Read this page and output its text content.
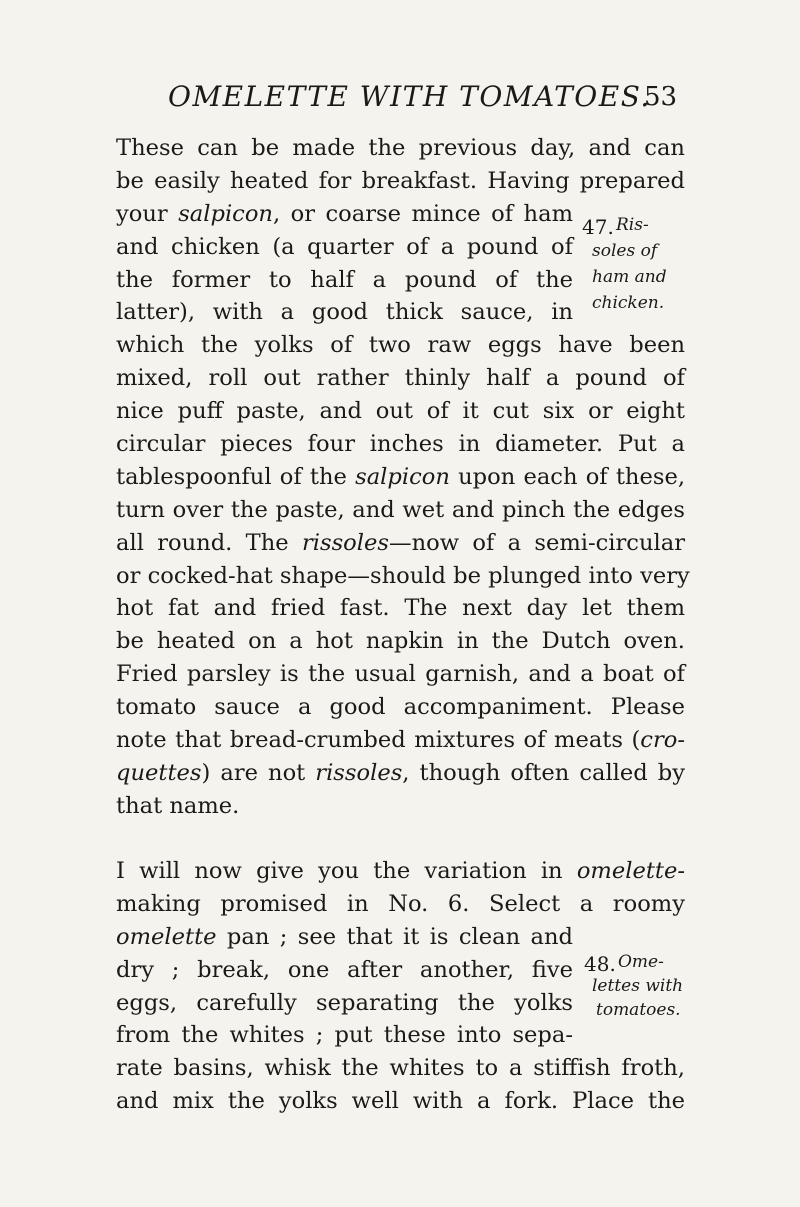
OMELETTE WITH TOMATOES.
53
These can be made the previous day, and can
be easily heated for breakfast. Having prepared
your salpicon, or coarse mince of ham
and chicken (a quarter of a pound of
the former to half a pound of the
latter), with a good thick sauce, in
which the yolks of two raw eggs have been
mixed, roll out rather thinly half a pound of
nice puff paste, and out of it cut six or eight
circular pieces four inches in diameter. Put a
tablespoonful of the salpicon upon each of these,
turn over the paste, and wet and pinch the edges
all round. The rissoles—now of a semi-circular
or cocked-hat shape—should be plunged into very
hot fat and fried fast. The next day let them
be heated on a hot napkin in the Dutch oven.
Fried parsley is the usual garnish, and a boat of
tomato sauce a good accompaniment. Please
note that bread-crumbed mixtures of meats (cro-
quettes) are not rissoles, though often called by
that name.
I will now give you the variation in omelette-
making promised in No. 6. Select a roomy
omelette pan ; see that it is clean and
dry ; break, one after another, five
eggs, carefully separating the yolks
from the whites ; put these into sepa-
rate basins, whisk the whites to a stiffish froth,
and mix the yolks well with a fork. Place the
47. Ris-
soles of
ham and
chicken.
48. Ome-
lettes with
tomatoes.
